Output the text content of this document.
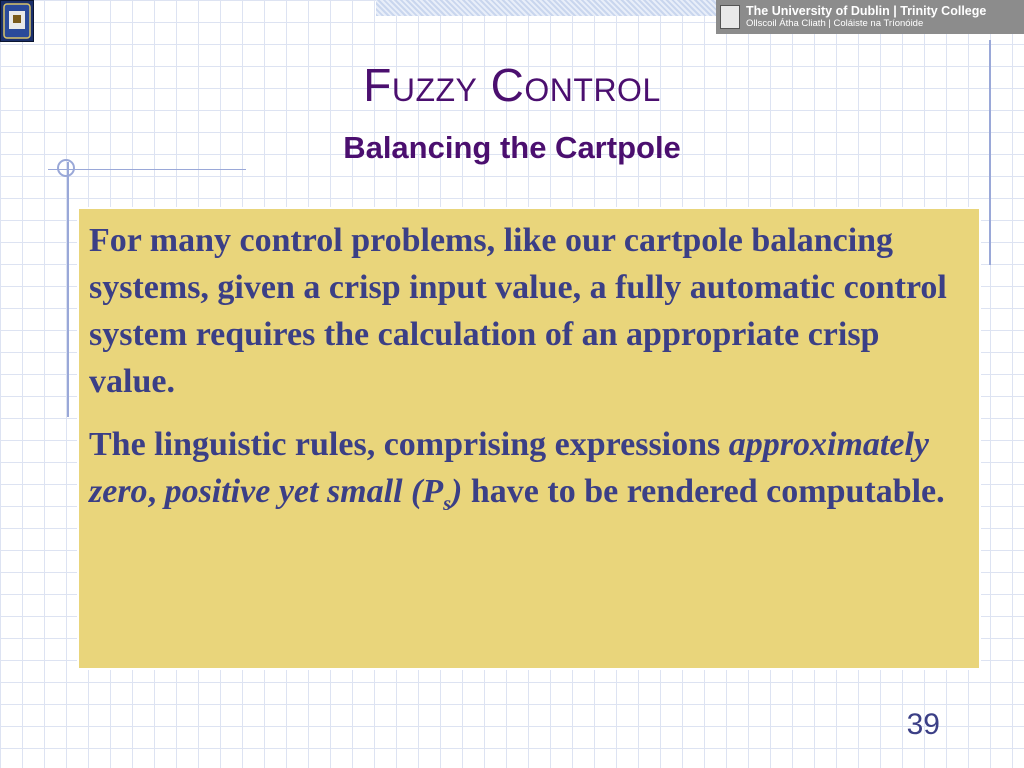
The University of Dublin | Trinity College
Ollscoil Átha Cliath | Coláiste na Tríonóide
Fuzzy Control
Balancing the Cartpole

For many control problems, like our cartpole balancing systems, given a crisp input value, a fully automatic control system requires the calculation of an appropriate crisp value.

The linguistic rules, comprising expressions approximately zero, positive yet small $(P_s)$ have to be rendered computable.

39
